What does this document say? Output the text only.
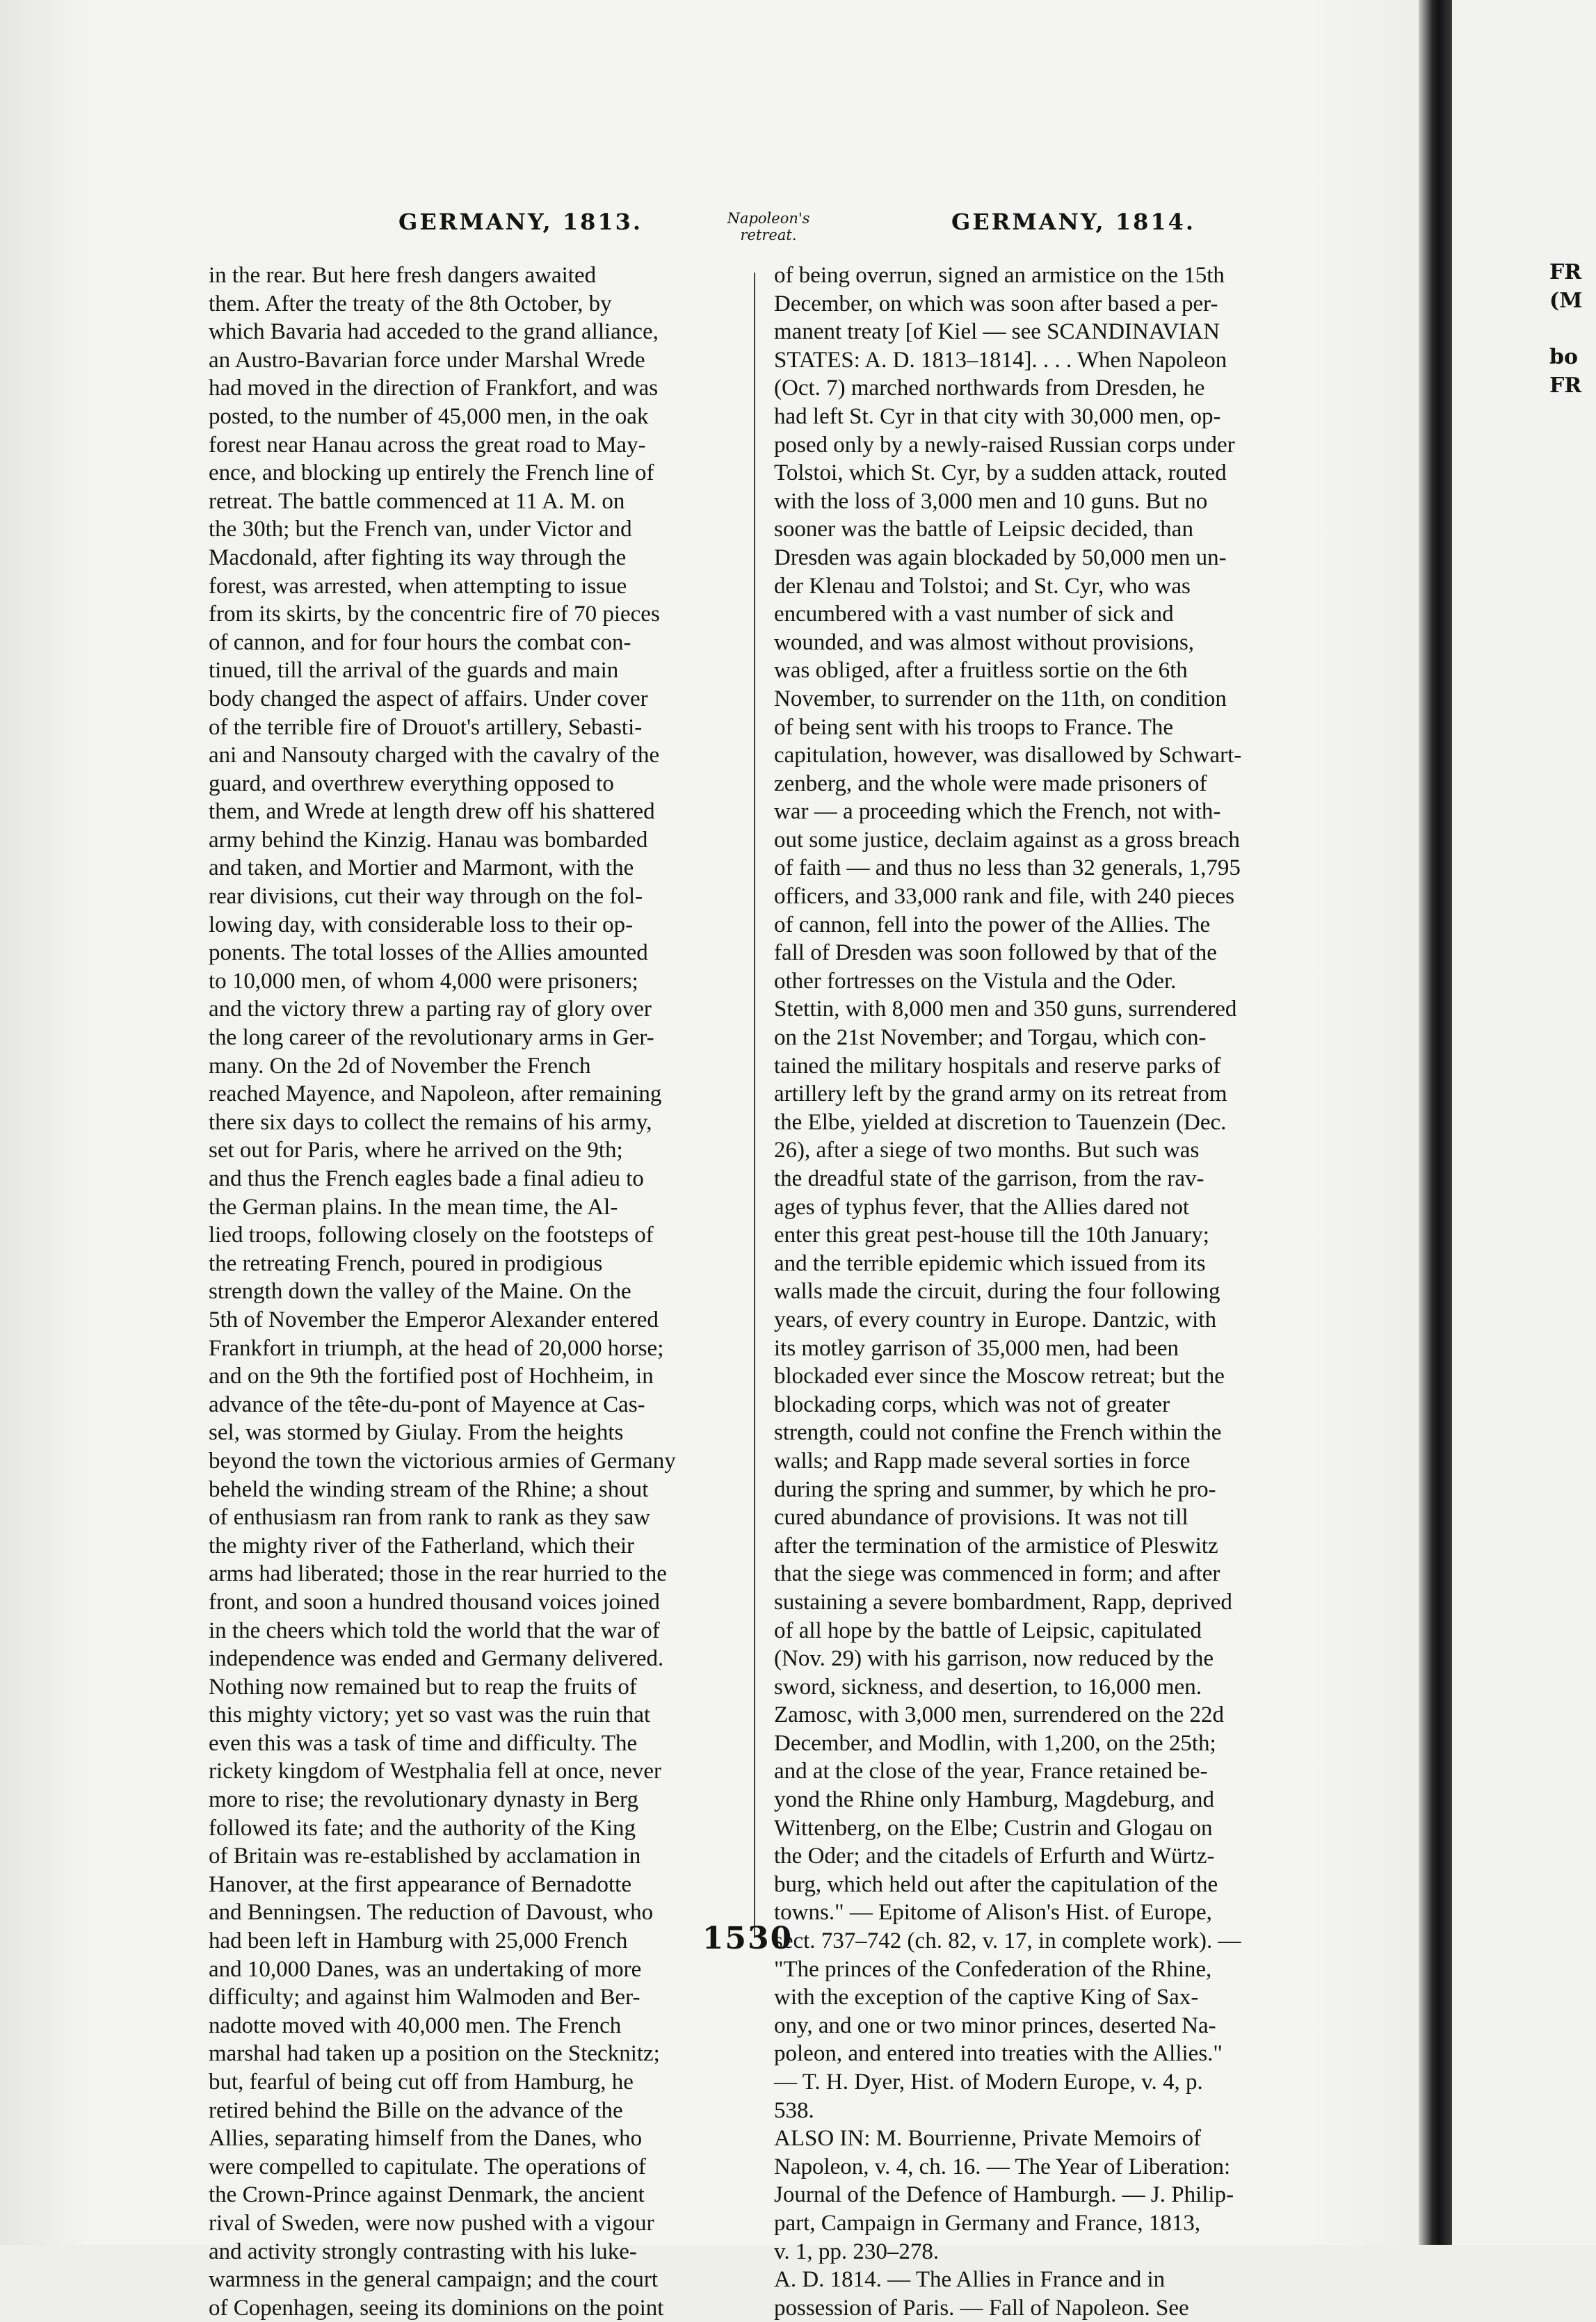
GERMANY, 1813.	Napoleon's
retreat.	GERMANY, 1814.
in the rear. But here fresh dangers awaited
them. After the treaty of the 8th October, by
which Bavaria had acceded to the grand alliance,
an Austro-Bavarian force under Marshal Wrede
had moved in the direction of Frankfort, and was
posted, to the number of 45,000 men, in the oak
forest near Hanau across the great road to May-
ence, and blocking up entirely the French line of
retreat. The battle commenced at 11 A. M. on
the 30th; but the French van, under Victor and
Macdonald, after fighting its way through the
forest, was arrested, when attempting to issue
from its skirts, by the concentric fire of 70 pieces
of cannon, and for four hours the combat con-
tinued, till the arrival of the guards and main
body changed the aspect of affairs. Under cover
of the terrible fire of Drouot's artillery, Sebasti-
ani and Nansouty charged with the cavalry of the
guard, and overthrew everything opposed to
them, and Wrede at length drew off his shattered
army behind the Kinzig. Hanau was bombarded
and taken, and Mortier and Marmont, with the
rear divisions, cut their way through on the fol-
lowing day, with considerable loss to their op-
ponents. The total losses of the Allies amounted
to 10,000 men, of whom 4,000 were prisoners;
and the victory threw a parting ray of glory over
the long career of the revolutionary arms in Ger-
many. On the 2d of November the French
reached Mayence, and Napoleon, after remaining
there six days to collect the remains of his army,
set out for Paris, where he arrived on the 9th;
and thus the French eagles bade a final adieu to
the German plains. In the mean time, the Al-
lied troops, following closely on the footsteps of
the retreating French, poured in prodigious
strength down the valley of the Maine. On the
5th of November the Emperor Alexander entered
Frankfort in triumph, at the head of 20,000 horse;
and on the 9th the fortified post of Hochheim, in
advance of the tête-du-pont of Mayence at Cas-
sel, was stormed by Giulay. From the heights
beyond the town the victorious armies of Germany
beheld the winding stream of the Rhine; a shout
of enthusiasm ran from rank to rank as they saw
the mighty river of the Fatherland, which their
arms had liberated; those in the rear hurried to the
front, and soon a hundred thousand voices joined
in the cheers which told the world that the war of
independence was ended and Germany delivered.
Nothing now remained but to reap the fruits of
this mighty victory; yet so vast was the ruin that
even this was a task of time and difficulty. The
rickety kingdom of Westphalia fell at once, never
more to rise; the revolutionary dynasty in Berg
followed its fate; and the authority of the King
of Britain was re-established by acclamation in
Hanover, at the first appearance of Bernadotte
and Benningsen. The reduction of Davoust, who
had been left in Hamburg with 25,000 French
and 10,000 Danes, was an undertaking of more
difficulty; and against him Walmoden and Ber-
nadotte moved with 40,000 men. The French
marshal had taken up a position on the Stecknitz;
but, fearful of being cut off from Hamburg, he
retired behind the Bille on the advance of the
Allies, separating himself from the Danes, who
were compelled to capitulate. The operations of
the Crown-Prince against Denmark, the ancient
rival of Sweden, were now pushed with a vigour
and activity strongly contrasting with his luke-
warmness in the general campaign; and the court
of Copenhagen, seeing its dominions on the point
of being overrun, signed an armistice on the 15th
December, on which was soon after based a per-
manent treaty [of Kiel — see SCANDINAVIAN
STATES: A. D. 1813–1814]. . . . When Napoleon
(Oct. 7) marched northwards from Dresden, he
had left St. Cyr in that city with 30,000 men, op-
posed only by a newly-raised Russian corps under
Tolstoi, which St. Cyr, by a sudden attack, routed
with the loss of 3,000 men and 10 guns. But no
sooner was the battle of Leipsic decided, than
Dresden was again blockaded by 50,000 men un-
der Klenau and Tolstoi; and St. Cyr, who was
encumbered with a vast number of sick and
wounded, and was almost without provisions,
was obliged, after a fruitless sortie on the 6th
November, to surrender on the 11th, on condition
of being sent with his troops to France. The
capitulation, however, was disallowed by Schwart-
zenberg, and the whole were made prisoners of
war — a proceeding which the French, not with-
out some justice, declaim against as a gross breach
of faith — and thus no less than 32 generals, 1,795
officers, and 33,000 rank and file, with 240 pieces
of cannon, fell into the power of the Allies. The
fall of Dresden was soon followed by that of the
other fortresses on the Vistula and the Oder.
Stettin, with 8,000 men and 350 guns, surrendered
on the 21st November; and Torgau, which con-
tained the military hospitals and reserve parks of
artillery left by the grand army on its retreat from
the Elbe, yielded at discretion to Tauenzein (Dec.
26), after a siege of two months. But such was
the dreadful state of the garrison, from the rav-
ages of typhus fever, that the Allies dared not
enter this great pest-house till the 10th January;
and the terrible epidemic which issued from its
walls made the circuit, during the four following
years, of every country in Europe. Dantzic, with
its motley garrison of 35,000 men, had been
blockaded ever since the Moscow retreat; but the
blockading corps, which was not of greater
strength, could not confine the French within the
walls; and Rapp made several sorties in force
during the spring and summer, by which he pro-
cured abundance of provisions. It was not till
after the termination of the armistice of Pleswitz
that the siege was commenced in form; and after
sustaining a severe bombardment, Rapp, deprived
of all hope by the battle of Leipsic, capitulated
(Nov. 29) with his garrison, now reduced by the
sword, sickness, and desertion, to 16,000 men.
Zamosc, with 3,000 men, surrendered on the 22d
December, and Modlin, with 1,200, on the 25th;
and at the close of the year, France retained be-
yond the Rhine only Hamburg, Magdeburg, and
Wittenberg, on the Elbe; Custrin and Glogau on
the Oder; and the citadels of Erfurth and Würtz-
burg, which held out after the capitulation of the
towns." — Epitome of Alison's Hist. of Europe,
sect. 737–742 (ch. 82, v. 17, in complete work). —
"The princes of the Confederation of the Rhine,
with the exception of the captive King of Sax-
ony, and one or two minor princes, deserted Na-
poleon, and entered into treaties with the Allies."
— T. H. Dyer, Hist. of Modern Europe, v. 4, p.
538.
ALSO IN: M. Bourrienne, Private Memoirs of
Napoleon, v. 4, ch. 16. — The Year of Liberation:
Journal of the Defence of Hamburgh. — J. Philip-
part, Campaign in Germany and France, 1813,
v. 1, pp. 230–278.
A. D. 1814. — The Allies in France and in
possession of Paris. — Fall of Napoleon. See
1530
FR
(M
bo
FR
